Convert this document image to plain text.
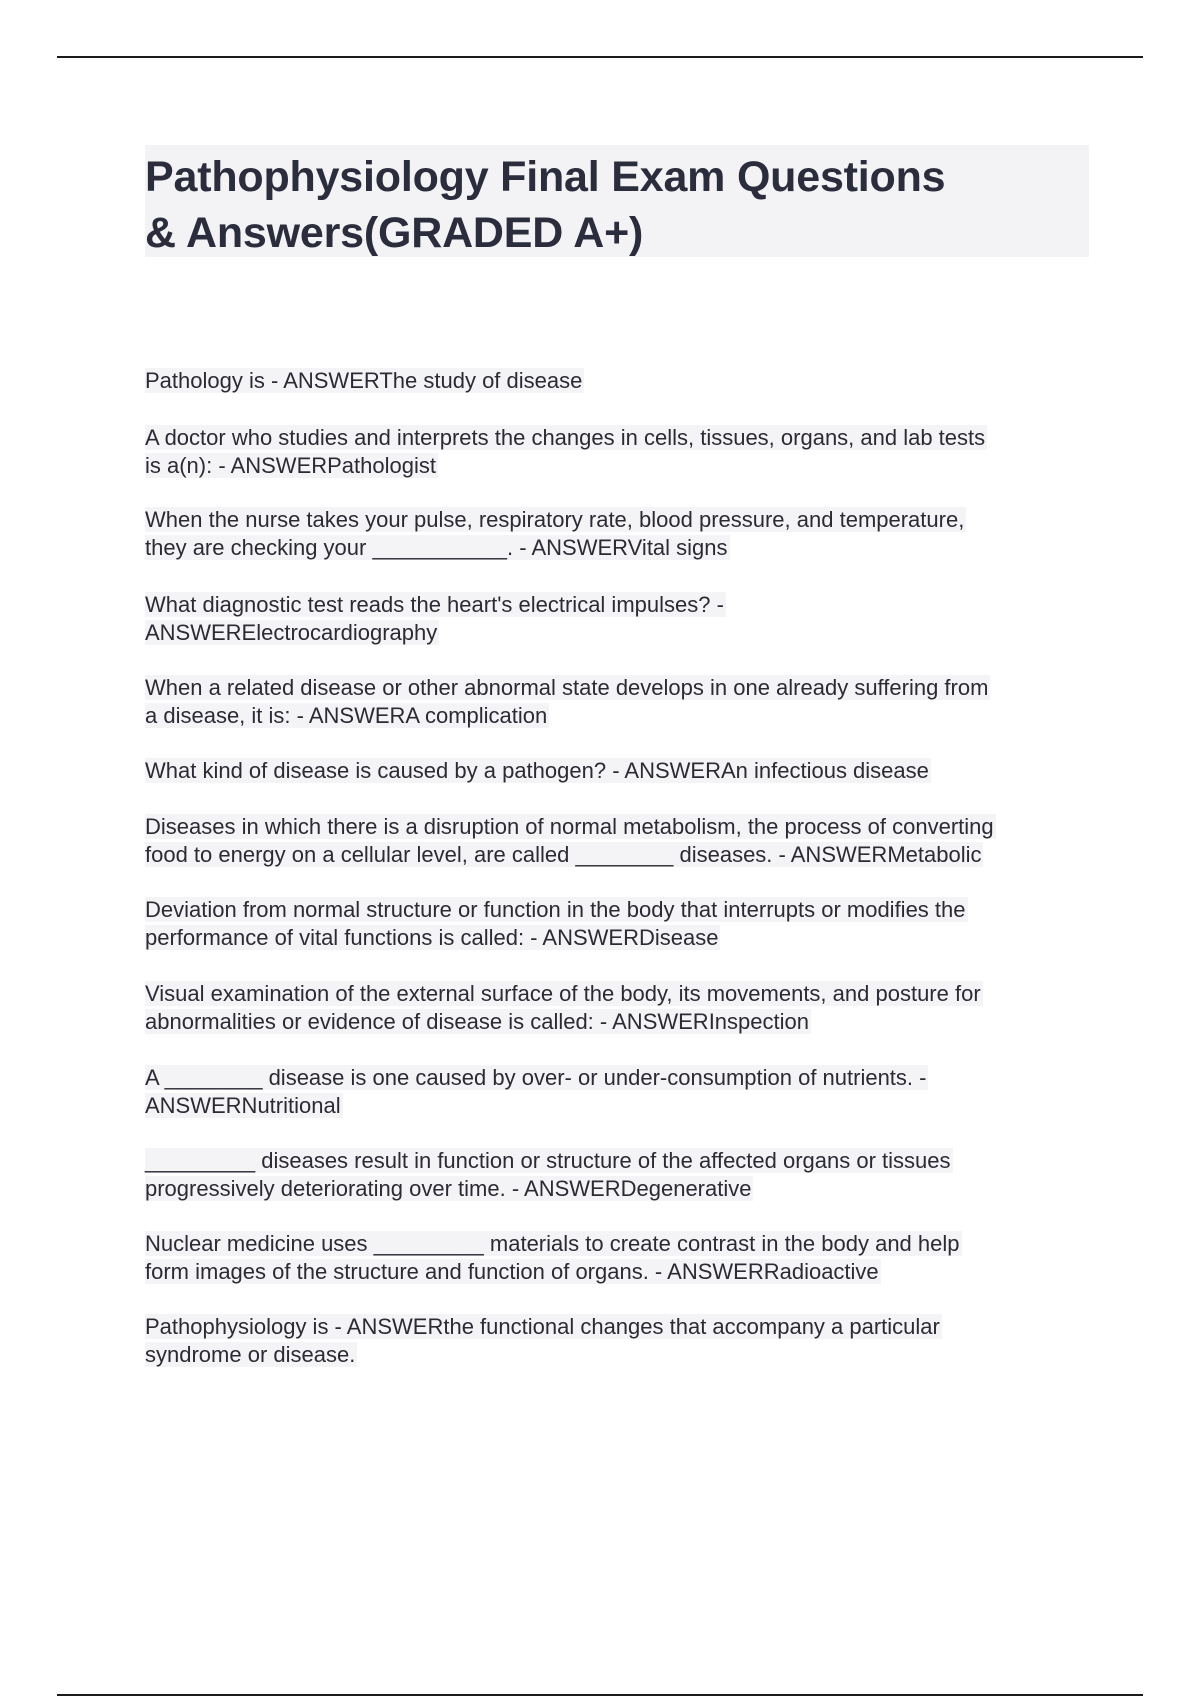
Pathophysiology Final Exam Questions
& Answers(GRADED A+)

Pathology is - ANSWERThe study of disease

A doctor who studies and interprets the changes in cells, tissues, organs, and lab tests
is a(n): - ANSWERPathologist

When the nurse takes your pulse, respiratory rate, blood pressure, and temperature,
they are checking your ___________. - ANSWERVital signs

What diagnostic test reads the heart's electrical impulses? -
ANSWERElectrocardiography

When a related disease or other abnormal state develops in one already suffering from
a disease, it is: - ANSWERA complication

What kind of disease is caused by a pathogen? - ANSWERAn infectious disease

Diseases in which there is a disruption of normal metabolism, the process of converting
food to energy on a cellular level, are called ________ diseases. - ANSWERMetabolic

Deviation from normal structure or function in the body that interrupts or modifies the
performance of vital functions is called: - ANSWERDisease

Visual examination of the external surface of the body, its movements, and posture for
abnormalities or evidence of disease is called: - ANSWERInspection

A ________ disease is one caused by over- or under-consumption of nutrients. -
ANSWERNutritional

_________ diseases result in function or structure of the affected organs or tissues
progressively deteriorating over time. - ANSWERDegenerative

Nuclear medicine uses _________ materials to create contrast in the body and help
form images of the structure and function of organs. - ANSWERRadioactive

Pathophysiology is - ANSWERthe functional changes that accompany a particular
syndrome or disease.
